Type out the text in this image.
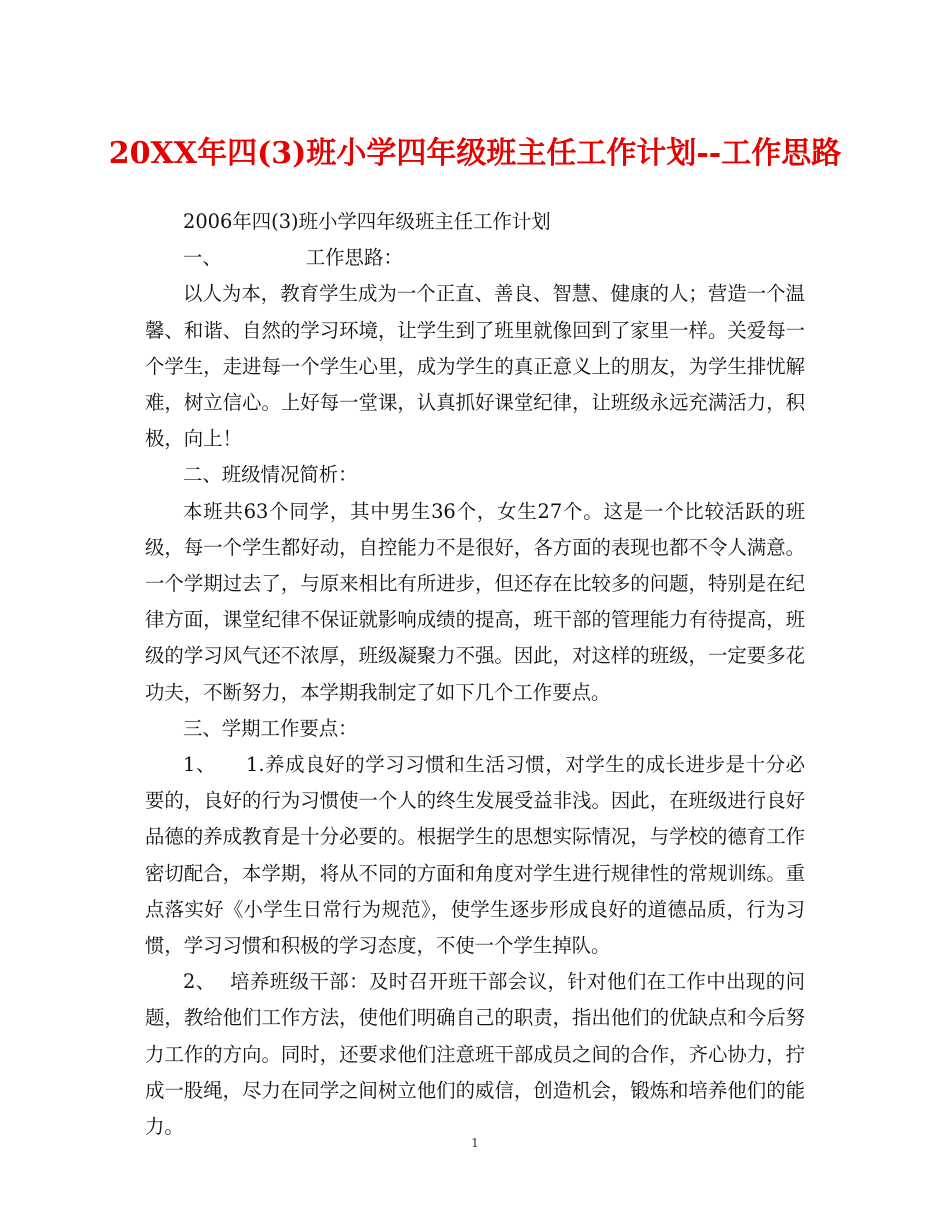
20XX年四(3)班小学四年级班主任工作计划--工作思路

2006年四(3)班小学四年级班主任工作计划

一、	工作思路：

以人为本，教育学生成为一个正直、善良、智慧、健康的人；营造一个温馨、和谐、自然的学习环境，让学生到了班里就像回到了家里一样。关爱每一个学生，走进每一个学生心里，成为学生的真正意义上的朋友，为学生排忧解难，树立信心。上好每一堂课，认真抓好课堂纪律，让班级永远充满活力，积极，向上！

二、班级情况简析：

本班共63个同学，其中男生36个，女生27个。这是一个比较活跃的班级，每一个学生都好动，自控能力不是很好，各方面的表现也都不令人满意。一个学期过去了，与原来相比有所进步，但还存在比较多的问题，特别是在纪律方面，课堂纪律不保证就影响成绩的提高，班干部的管理能力有待提高，班级的学习风气还不浓厚，班级凝聚力不强。因此，对这样的班级，一定要多花功夫，不断努力，本学期我制定了如下几个工作要点。

三、学期工作要点：

1、 1.养成良好的学习习惯和生活习惯，对学生的成长进步是十分必要的，良好的行为习惯使一个人的终生发展受益非浅。因此，在班级进行良好品德的养成教育是十分必要的。根据学生的思想实际情况，与学校的德育工作密切配合，本学期，将从不同的方面和角度对学生进行规律性的常规训练。重点落实好《小学生日常行为规范》，使学生逐步形成良好的道德品质，行为习惯，学习习惯和积极的学习态度，不使一个学生掉队。

2、 培养班级干部：及时召开班干部会议，针对他们在工作中出现的问题，教给他们工作方法，使他们明确自己的职责，指出他们的优缺点和今后努力工作的方向。同时，还要求他们注意班干部成员之间的合作，齐心协力，拧成一股绳，尽力在同学之间树立他们的威信，创造机会，锻炼和培养他们的能力。

1
